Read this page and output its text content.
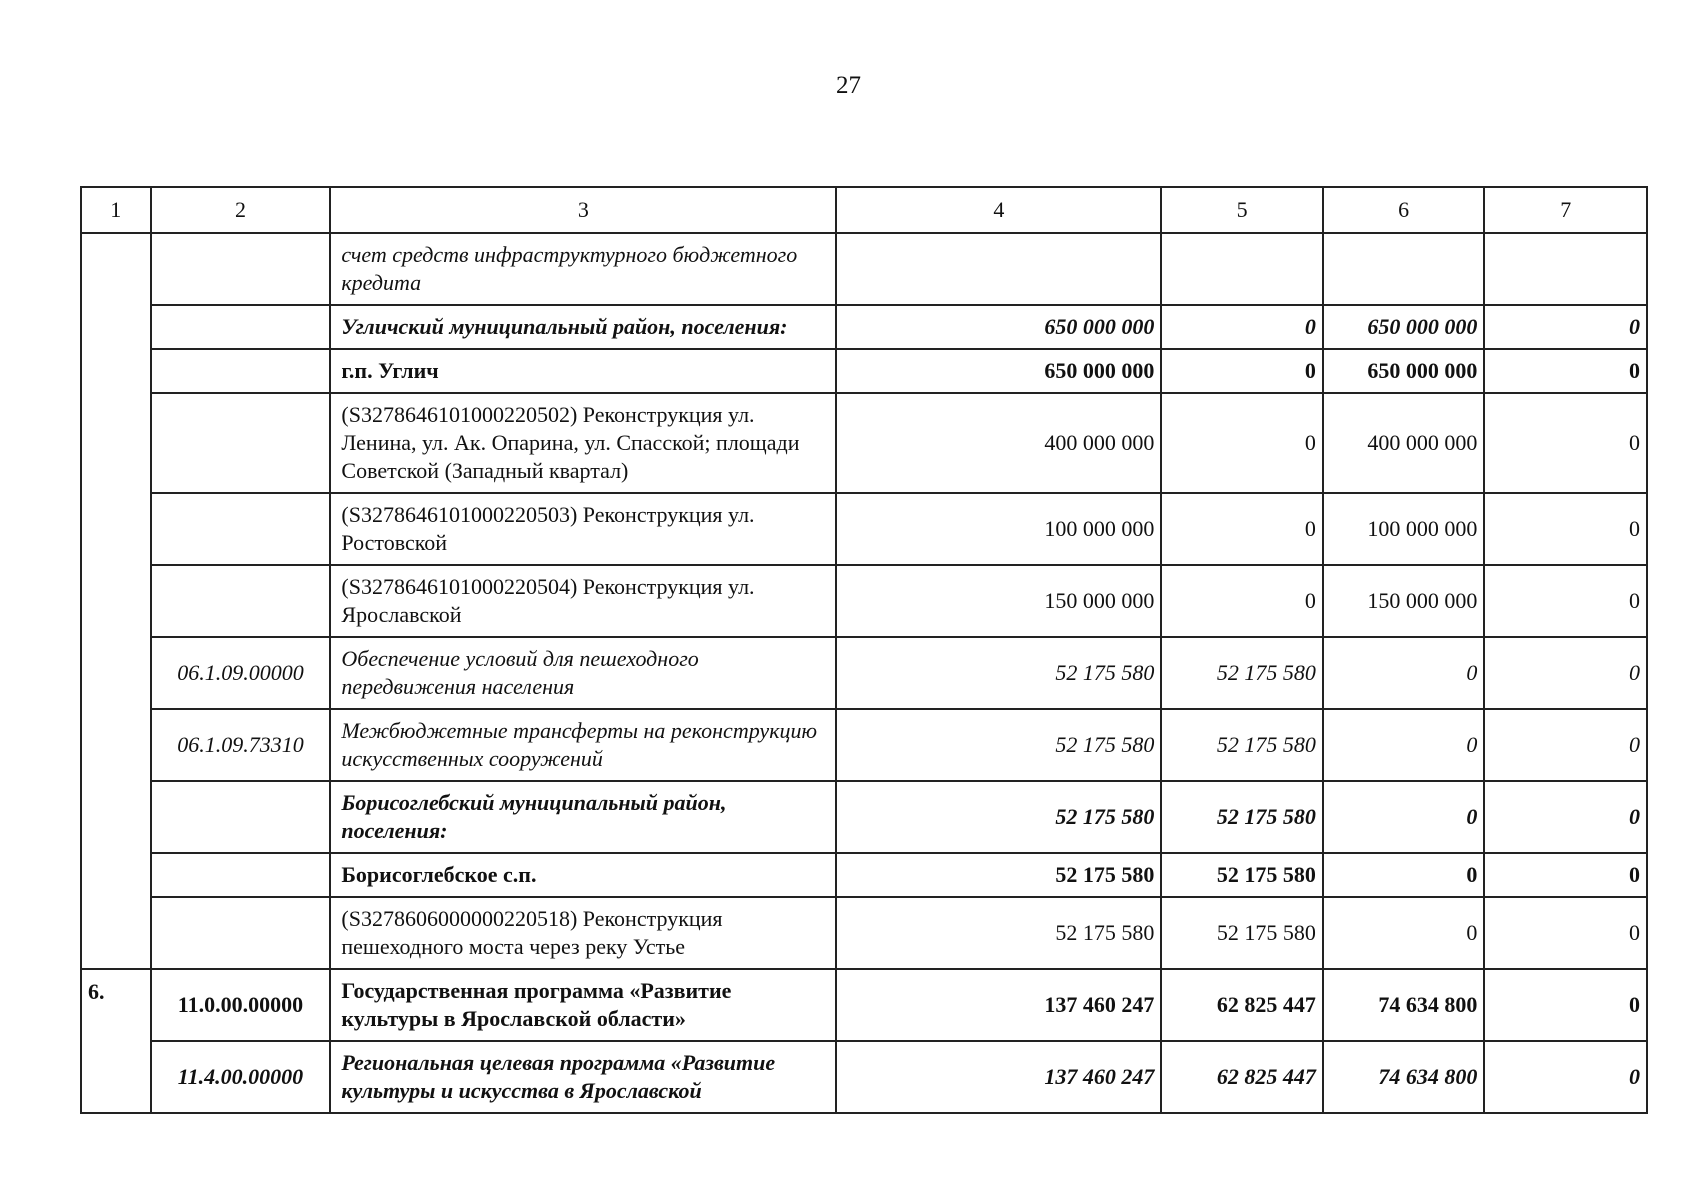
27
1	2	3	4	5	6	7
		счет средств инфраструктурного бюджетного кредита				
		Угличский муниципальный район, поселения:	650 000 000	0	650 000 000	0
		г.п. Углич	650 000 000	0	650 000 000	0
		(S3278646101000220502) Реконструкция ул. Ленина, ул. Ак. Опарина, ул. Спасской; площади Советской (Западный квартал)	400 000 000	0	400 000 000	0
		(S3278646101000220503) Реконструкция ул. Ростовской	100 000 000	0	100 000 000	0
		(S3278646101000220504) Реконструкция ул. Ярославской	150 000 000	0	150 000 000	0
	06.1.09.00000	Обеспечение условий для пешеходного передвижения населения	52 175 580	52 175 580	0	0
	06.1.09.73310	Межбюджетные трансферты на реконструкцию искусственных сооружений	52 175 580	52 175 580	0	0
		Борисоглебский муниципальный район, поселения:	52 175 580	52 175 580	0	0
		Борисоглебское с.п.	52 175 580	52 175 580	0	0
		(S3278606000000220518) Реконструкция пешеходного моста через реку Устье	52 175 580	52 175 580	0	0
6.	11.0.00.00000	Государственная программа «Развитие культуры в Ярославской области»	137 460 247	62 825 447	74 634 800	0
	11.4.00.00000	Региональная целевая программа «Развитие культуры и искусства в Ярославской	137 460 247	62 825 447	74 634 800	0
